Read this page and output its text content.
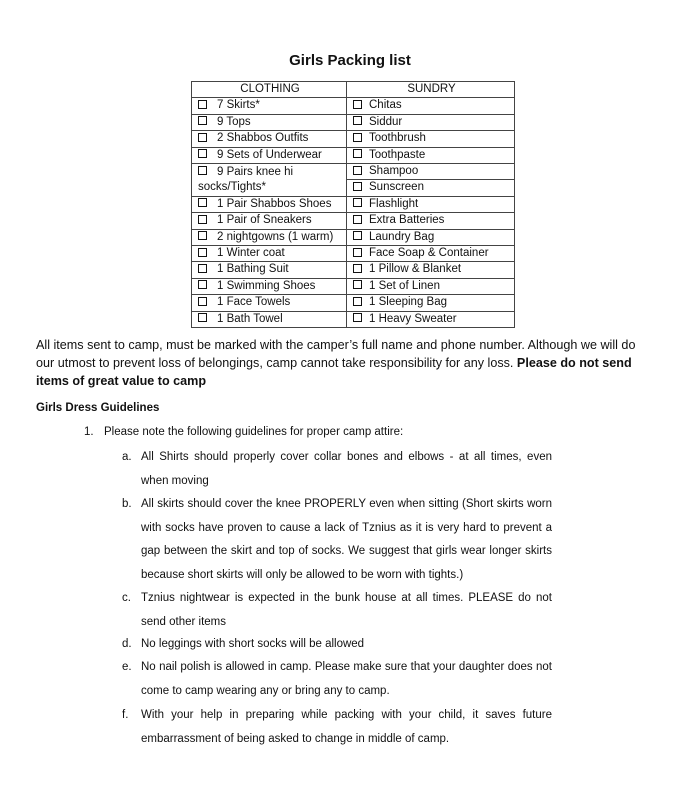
Girls Packing list
CLOTHING	SUNDRY
7 Skirts*	Chitas
9 Tops	Siddur
2 Shabbos Outfits	Toothbrush
9 Sets of Underwear	Toothpaste
9 Pairs knee hi
socks/Tights*	Shampoo
	Sunscreen
1 Pair Shabbos Shoes	Flashlight
1 Pair of Sneakers	Extra Batteries
2 nightgowns (1 warm)	Laundry Bag
1 Winter coat	Face Soap & Container
1 Bathing Suit	1 Pillow & Blanket
1 Swimming Shoes	1 Set of Linen
1 Face Towels	1 Sleeping Bag
1 Bath Towel	1 Heavy Sweater
All items sent to camp, must be marked with the camper’s full name and phone number. Although we will do our utmost to prevent loss of belongings, camp cannot take responsibility for any loss. Please do not send items of great value to camp
Girls Dress Guidelines
1. Please note the following guidelines for proper camp attire:
a. All Shirts should properly cover collar bones and elbows - at all times, even when moving
b. All skirts should cover the knee PROPERLY even when sitting (Short skirts worn with socks have proven to cause a lack of Tznius as it is very hard to prevent a gap between the skirt and top of socks. We suggest that girls wear longer skirts because short skirts will only be allowed to be worn with tights.)
c. Tznius nightwear is expected in the bunk house at all times. PLEASE do not send other items
d. No leggings with short socks will be allowed
e. No nail polish is allowed in camp. Please make sure that your daughter does not come to camp wearing any or bring any to camp.
f. With your help in preparing while packing with your child, it saves future embarrassment of being asked to change in middle of camp.
